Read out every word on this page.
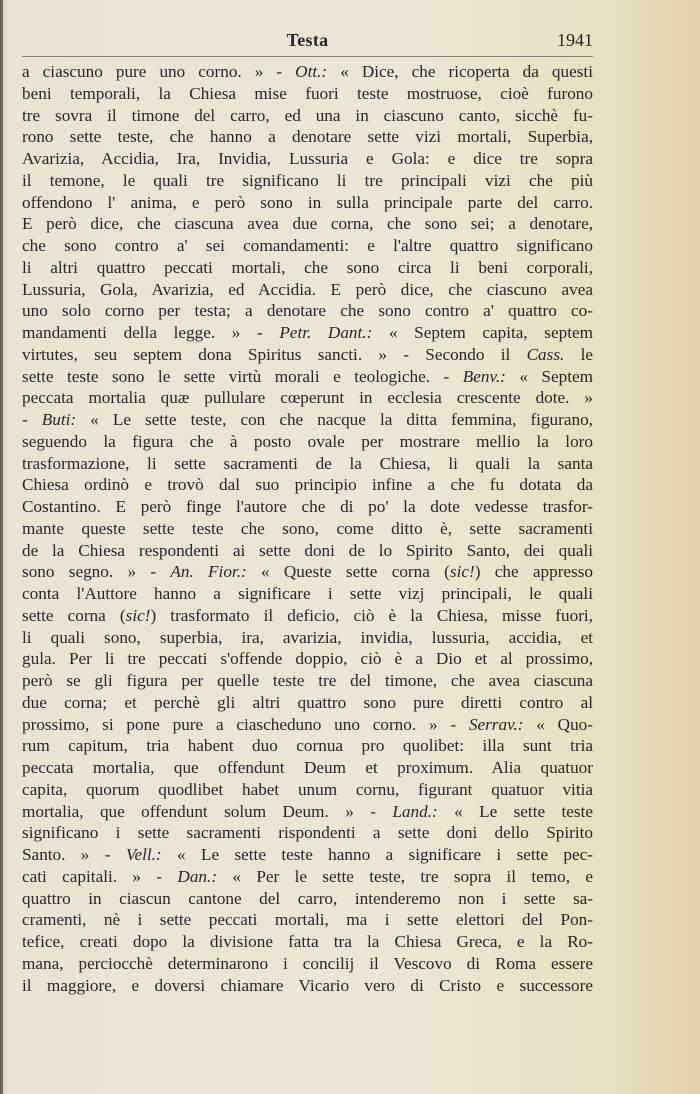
Testa	1941
a ciascuno pure uno corno. » - Ott.: « Dice, che ricoperta da questi
beni temporali, la Chiesa mise fuori teste mostruose, cioè furono
tre sovra il timone del carro, ed una in ciascuno canto, sicchè fu-
rono sette teste, che hanno a denotare sette vizi mortali, Superbia,
Avarizia, Accidia, Ira, Invidia, Lussuria e Gola: e dice tre sopra
il temone, le quali tre significano li tre principali vizi che più
offendono l' anima, e però sono in sulla principale parte del carro.
E però dice, che ciascuna avea due corna, che sono sei; a denotare,
che sono contro a' sei comandamenti: e l'altre quattro significano
li altri quattro peccati mortali, che sono circa li beni corporali,
Lussuria, Gola, Avarizia, ed Accidia. E però dice, che ciascuno avea
uno solo corno per testa; a denotare che sono contro a' quattro co-
mandamenti della legge. » - Petr. Dant.: « Septem capita, septem
virtutes, seu septem dona Spiritus sancti. » - Secondo il Cass. le
sette teste sono le sette virtù morali e teologiche. - Benv.: « Septem
peccata mortalia quæ pullulare cœperunt in ecclesia crescente dote. »
- Buti: « Le sette teste, con che nacque la ditta femmina, figurano,
seguendo la figura che à posto ovale per mostrare mellio la loro
trasformazione, li sette sacramenti de la Chiesa, li quali la santa
Chiesa ordinò e trovò dal suo principio infine a che fu dotata da
Costantino. E però finge l'autore che di po' la dote vedesse trasfor-
mante queste sette teste che sono, come ditto è, sette sacramenti
de la Chiesa respondenti ai sette doni de lo Spirito Santo, dei quali
sono segno. » - An. Fior.: « Queste sette corna (sic!) che appresso
conta l'Auttore hanno a significare i sette vizj principali, le quali
sette corna (sic!) trasformato il deficio, ciò è la Chiesa, misse fuori,
li quali sono, superbia, ira, avarizia, invidia, lussuria, accidia, et
gula. Per li tre peccati s'offende doppio, ciò è a Dio et al prossimo,
però se gli figura per quelle teste tre del timone, che avea ciascuna
due corna; et perchè gli altri quattro sono pure diretti contro al
prossimo, si pone pure a ciascheduno uno corno. » - Serrav.: « Quo-
rum capitum, tria habent duo cornua pro quolibet: illa sunt tria
peccata mortalia, que offendunt Deum et proximum. Alia quatuor
capita, quorum quodlibet habet unum cornu, figurant quatuor vitia
mortalia, que offendunt solum Deum. » - Land.: « Le sette teste
significano i sette sacramenti rispondenti a sette doni dello Spirito
Santo. » - Vell.: « Le sette teste hanno a significare i sette pec-
cati capitali. » - Dan.: « Per le sette teste, tre sopra il temo, e
quattro in ciascun cantone del carro, intenderemo non i sette sa-
cramenti, nè i sette peccati mortali, ma i sette elettori del Pon-
tefice, creati dopo la divisione fatta tra la Chiesa Greca, e la Ro-
mana, perciocchè determinarono i concilij il Vescovo di Roma essere
il maggiore, e doversi chiamare Vicario vero di Cristo e successore
